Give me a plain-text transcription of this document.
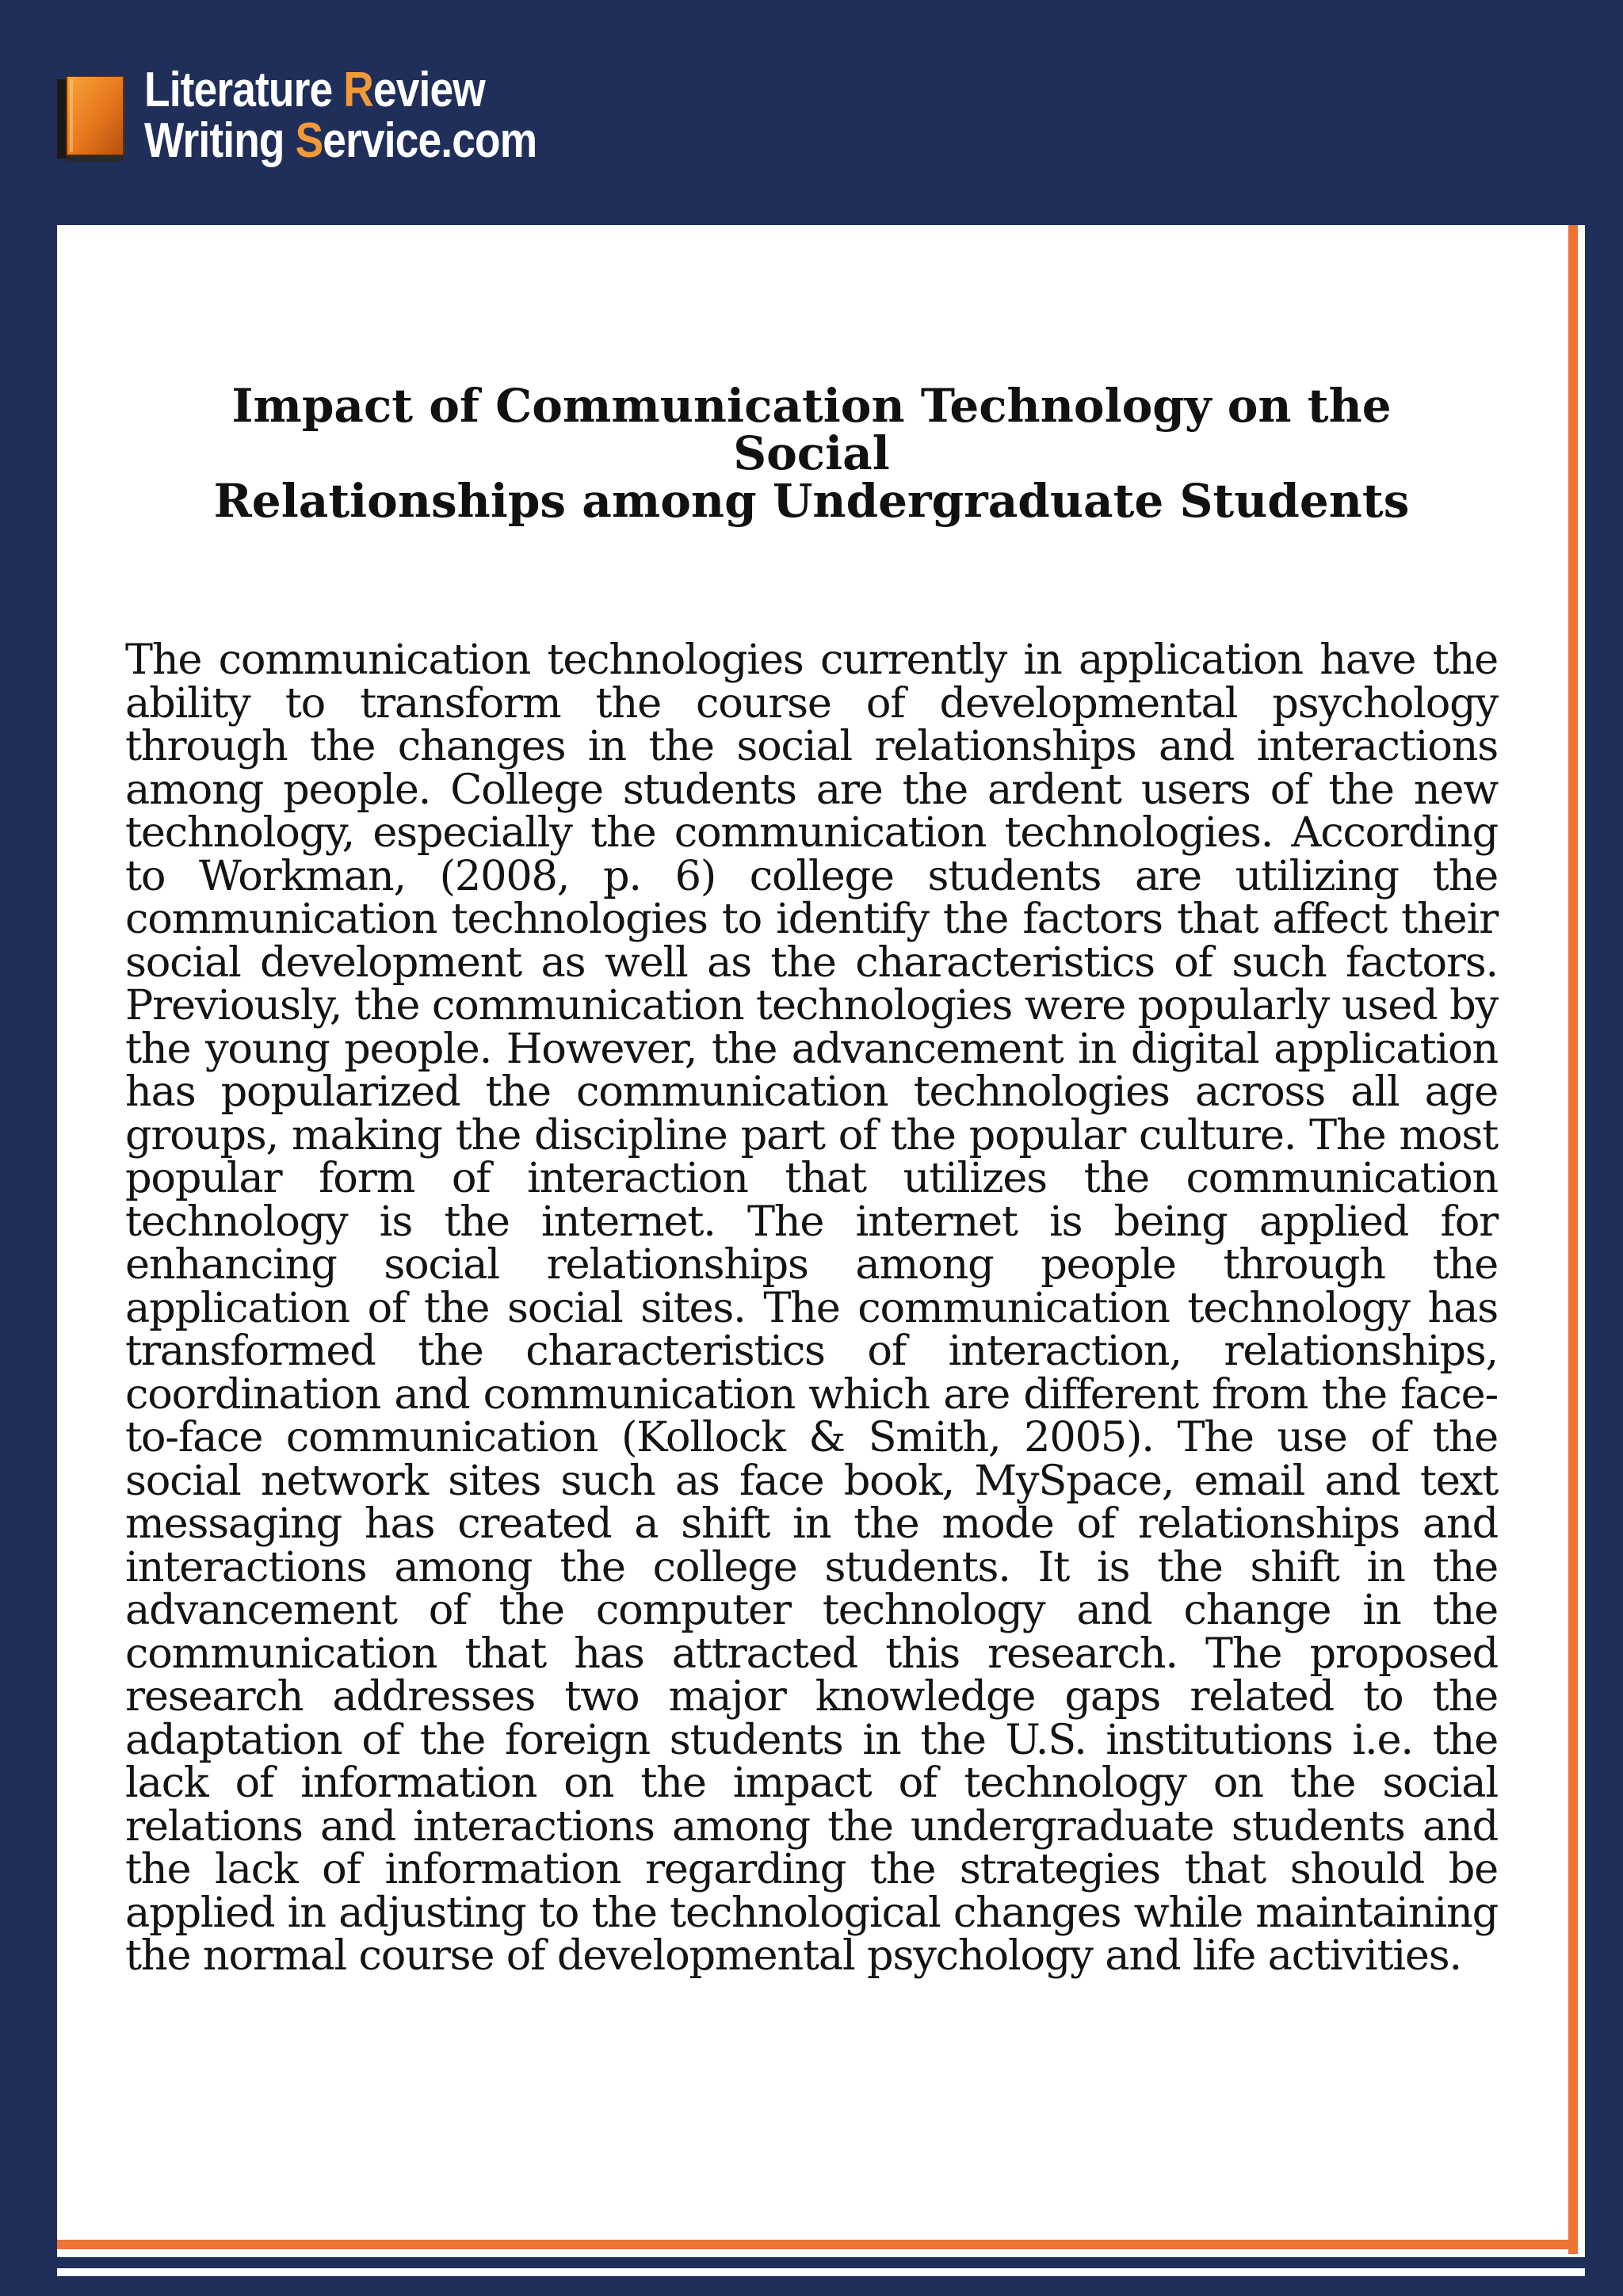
Literature Review
Writing Service.com
Impact of Communication Technology on the Social
Relationships among Undergraduate Students

The communication technologies currently in application have the ability to transform the course of developmental psychology through the changes in the social relationships and interactions among people. College students are the ardent users of the new technology, especially the communication technologies. According to Workman, (2008, p. 6) college students are utilizing the communication technologies to identify the factors that affect their social development as well as the characteristics of such factors. Previously, the communication technologies were popularly used by the young people. However, the advancement in digital application has popularized the communication technologies across all age groups, making the discipline part of the popular culture. The most popular form of interaction that utilizes the communication technology is the internet. The internet is being applied for enhancing social relationships among people through the application of the social sites. The communication technology has transformed the characteristics of interaction, relationships, coordination and communication which are different from the face-to-face communication (Kollock & Smith, 2005). The use of the social network sites such as face book, MySpace, email and text messaging has created a shift in the mode of relationships and interactions among the college students. It is the shift in the advancement of the computer technology and change in the communication that has attracted this research. The proposed research addresses two major knowledge gaps related to the adaptation of the foreign students in the U.S. institutions i.e. the lack of information on the impact of technology on the social relations and interactions among the undergraduate students and the lack of information regarding the strategies that should be applied in adjusting to the technological changes while maintaining the normal course of developmental psychology and life activities.
